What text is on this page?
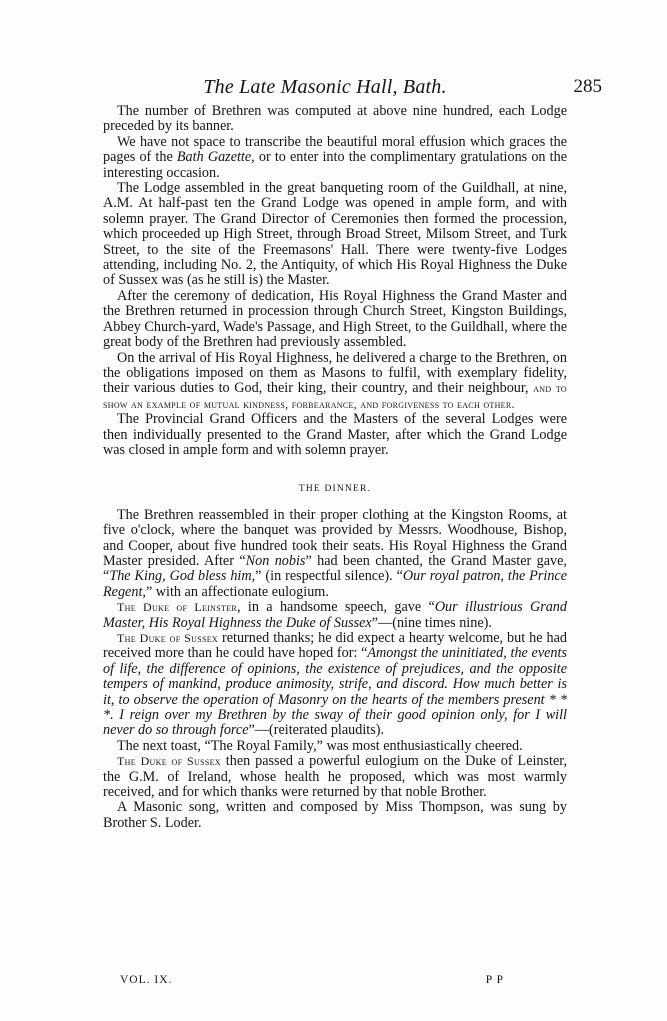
The Late Masonic Hall, Bath.	285

The number of Brethren was computed at above nine hundred, each Lodge preceded by its banner.

We have not space to transcribe the beautiful moral effusion which graces the pages of the Bath Gazette, or to enter into the complimentary gratulations on the interesting occasion.

The Lodge assembled in the great banqueting room of the Guildhall, at nine, A.M. At half-past ten the Grand Lodge was opened in ample form, and with solemn prayer. The Grand Director of Ceremonies then formed the procession, which proceeded up High Street, through Broad Street, Milsom Street, and Turk Street, to the site of the Freemasons' Hall. There were twenty-five Lodges attending, including No. 2, the Antiquity, of which His Royal Highness the Duke of Sussex was (as he still is) the Master.

After the ceremony of dedication, His Royal Highness the Grand Master and the Brethren returned in procession through Church Street, Kingston Buildings, Abbey Church-yard, Wade's Passage, and High Street, to the Guildhall, where the great body of the Brethren had previously assembled.

On the arrival of His Royal Highness, he delivered a charge to the Brethren, on the obligations imposed on them as Masons to fulfil, with exemplary fidelity, their various duties to God, their king, their country, and their neighbour, and to show an example of mutual kindness, forbearance, and forgiveness to each other.

The Provincial Grand Officers and the Masters of the several Lodges were then individually presented to the Grand Master, after which the Grand Lodge was closed in ample form and with solemn prayer.

THE DINNER.

The Brethren reassembled in their proper clothing at the Kingston Rooms, at five o'clock, where the banquet was provided by Messrs. Woodhouse, Bishop, and Cooper, about five hundred took their seats. His Royal Highness the Grand Master presided. After “Non nobis” had been chanted, the Grand Master gave, “The King, God bless him,” (in respectful silence). “Our royal patron, the Prince Regent,” with an affectionate eulogium.

The Duke of Leinster, in a handsome speech, gave “Our illustrious Grand Master, His Royal Highness the Duke of Sussex”—(nine times nine).

The Duke of Sussex returned thanks; he did expect a hearty welcome, but he had received more than he could have hoped for: “Amongst the uninitiated, the events of life, the difference of opinions, the existence of prejudices, and the opposite tempers of mankind, produce animosity, strife, and discord. How much better is it, to observe the operation of Masonry on the hearts of the members present * * *. I reign over my Brethren by the sway of their good opinion only, for I will never do so through force”—(reiterated plaudits).

The next toast, “The Royal Family,” was most enthusiastically cheered.

The Duke of Sussex then passed a powerful eulogium on the Duke of Leinster, the G.M. of Ireland, whose health he proposed, which was most warmly received, and for which thanks were returned by that noble Brother.

A Masonic song, written and composed by Miss Thompson, was sung by Brother S. Loder.

VOL. IX.	P P
